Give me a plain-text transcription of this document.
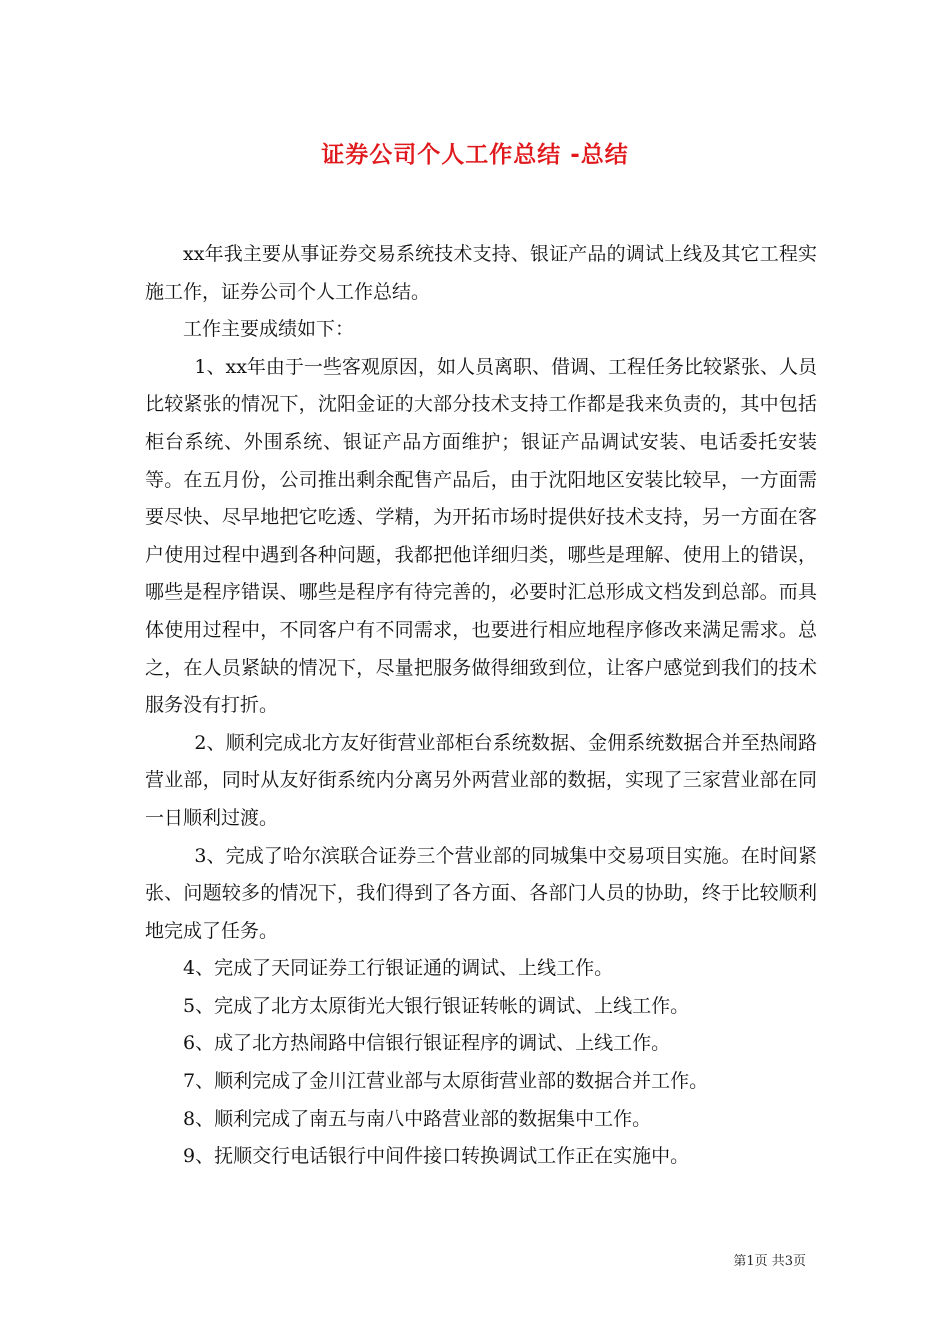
证券公司个人工作总结 -总结

xx年我主要从事证券交易系统技术支持、银证产品的调试上线及其它工程实施工作，证券公司个人工作总结。

工作主要成绩如下：

1、xx年由于一些客观原因，如人员离职、借调、工程任务比较紧张、人员比较紧张的情况下，沈阳金证的大部分技术支持工作都是我来负责的，其中包括柜台系统、外围系统、银证产品方面维护；银证产品调试安装、电话委托安装等。在五月份，公司推出剩余配售产品后，由于沈阳地区安装比较早，一方面需要尽快、尽早地把它吃透、学精，为开拓市场时提供好技术支持，另一方面在客户使用过程中遇到各种问题，我都把他详细归类，哪些是理解、使用上的错误，哪些是程序错误、哪些是程序有待完善的，必要时汇总形成文档发到总部。而具体使用过程中，不同客户有不同需求，也要进行相应地程序修改来满足需求。总之，在人员紧缺的情况下，尽量把服务做得细致到位，让客户感觉到我们的技术服务没有打折。

2、顺利完成北方友好街营业部柜台系统数据、金佣系统数据合并至热闹路营业部，同时从友好街系统内分离另外两营业部的数据，实现了三家营业部在同一日顺利过渡。

3、完成了哈尔滨联合证券三个营业部的同城集中交易项目实施。在时间紧张、问题较多的情况下，我们得到了各方面、各部门人员的协助，终于比较顺利地完成了任务。

4、完成了天同证券工行银证通的调试、上线工作。

5、完成了北方太原街光大银行银证转帐的调试、上线工作。

6、成了北方热闹路中信银行银证程序的调试、上线工作。

7、顺利完成了金川江营业部与太原街营业部的数据合并工作。

8、顺利完成了南五与南八中路营业部的数据集中工作。

9、抚顺交行电话银行中间件接口转换调试工作正在实施中。

第1页 共3页
